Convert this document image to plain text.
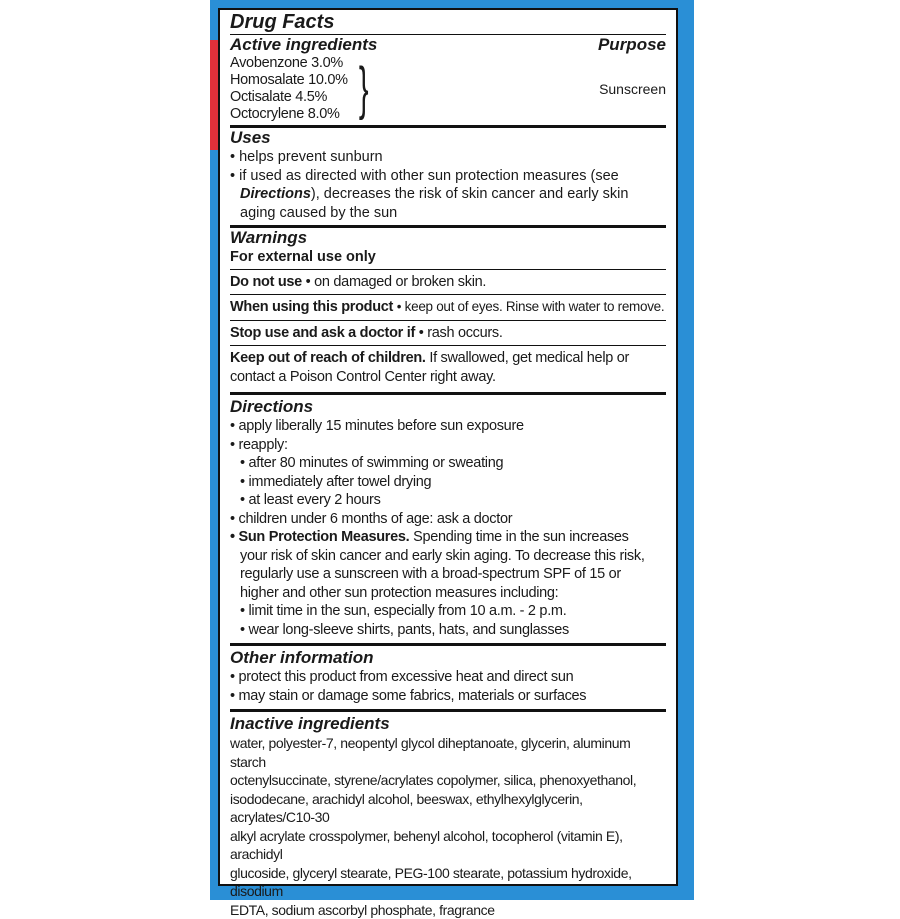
Drug Facts
Active ingredients	Purpose
Avobenzone 3.0%
Homosalate 10.0%
Octisalate 4.5%
Octocrylene 8.0% }	Sunscreen
Uses
• helps prevent sunburn
• if used as directed with other sun protection measures (see
Directions), decreases the risk of skin cancer and early skin
aging caused by the sun
Warnings
For external use only
Do not use • on damaged or broken skin.
When using this product • keep out of eyes. Rinse with water to remove.
Stop use and ask a doctor if • rash occurs.
Keep out of reach of children. If swallowed, get medical help or
contact a Poison Control Center right away.
Directions
• apply liberally 15 minutes before sun exposure
• reapply:
• after 80 minutes of swimming or sweating
• immediately after towel drying
• at least every 2 hours
• children under 6 months of age: ask a doctor
• Sun Protection Measures. Spending time in the sun increases
your risk of skin cancer and early skin aging. To decrease this risk,
regularly use a sunscreen with a broad-spectrum SPF of 15 or
higher and other sun protection measures including:
• limit time in the sun, especially from 10 a.m. - 2 p.m.
• wear long-sleeve shirts, pants, hats, and sunglasses
Other information
• protect this product from excessive heat and direct sun
• may stain or damage some fabrics, materials or surfaces
Inactive ingredients
water, polyester-7, neopentyl glycol diheptanoate, glycerin, aluminum starch
octenylsuccinate, styrene/acrylates copolymer, silica, phenoxyethanol,
isododecane, arachidyl alcohol, beeswax, ethylhexylglycerin, acrylates/C10-30
alkyl acrylate crosspolymer, behenyl alcohol, tocopherol (vitamin E), arachidyl
glucoside, glyceryl stearate, PEG-100 stearate, potassium hydroxide, disodium
EDTA, sodium ascorbyl phosphate, fragrance
